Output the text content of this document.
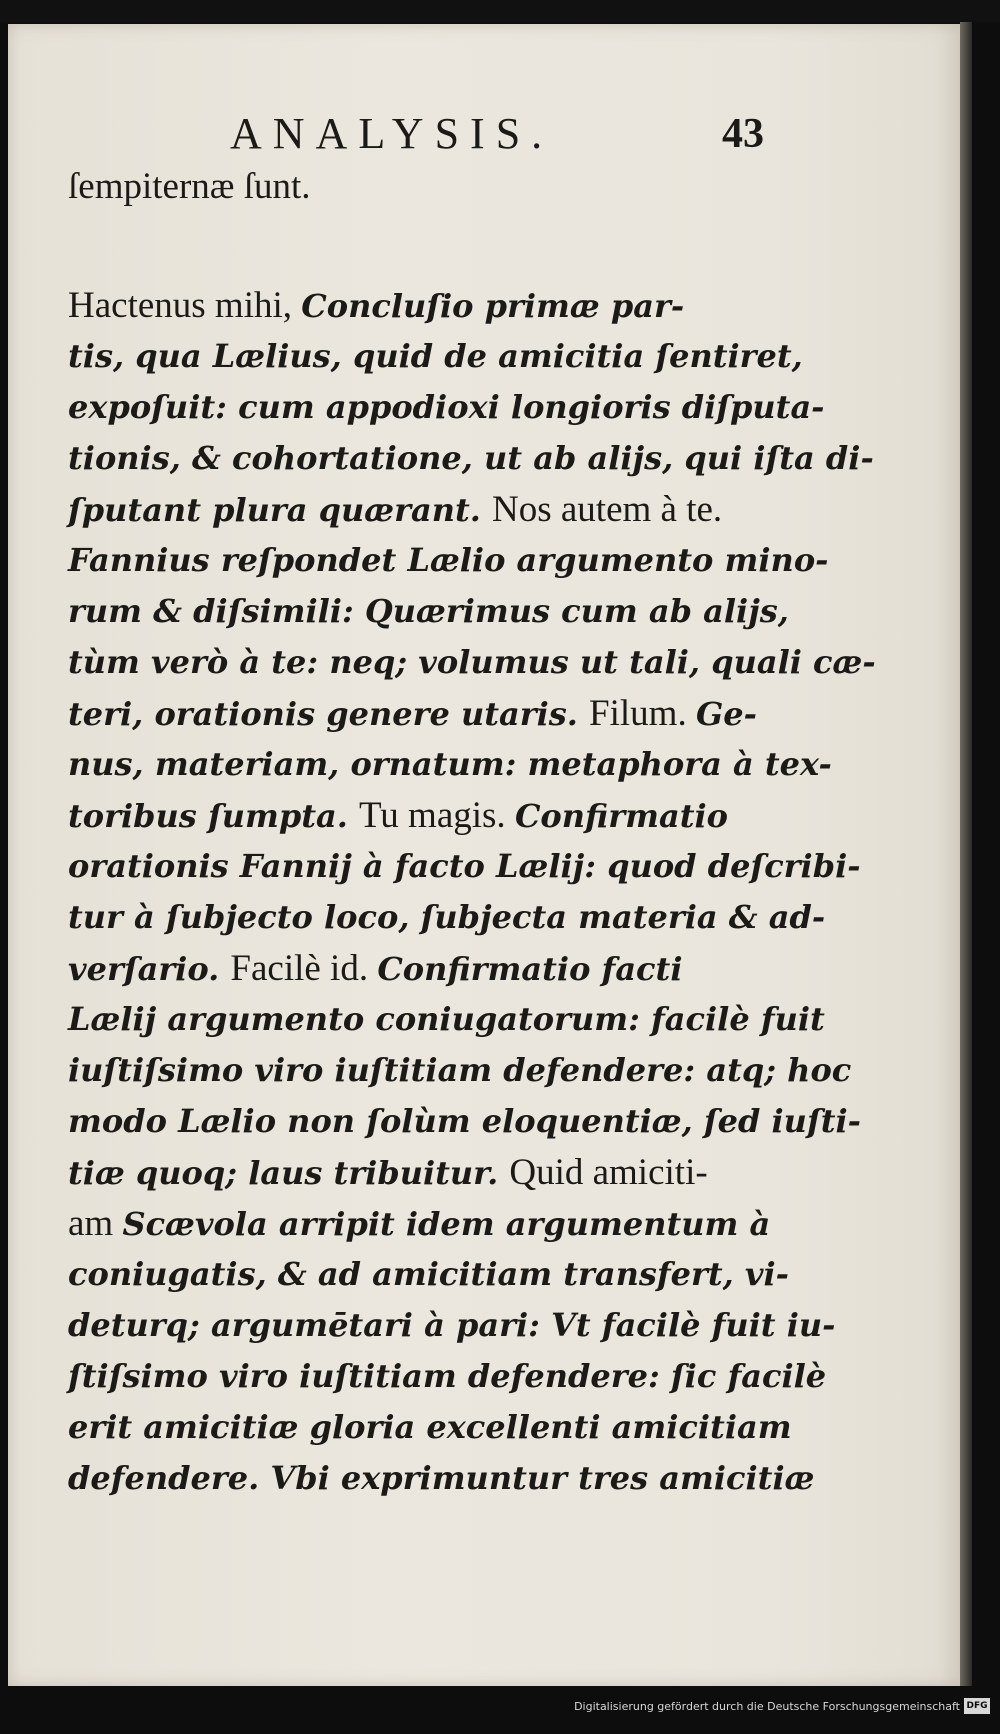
ANALYSIS.	43
ſempiternæ ſunt.
Hactenus mihi, Concluſio primæ par-
tis, qua Lælius, quid de amicitia ſentiret,
expoſuit: cum appodioxi longioris diſputa-
tionis, & cohortatione, ut ab alijs, qui iſta di-
ſputant plura quærant. Nos autem à te.
Fannius reſpondet Lælio argumento mino-
rum & diſsimili: Quærimus cum ab alijs,
tùm verò à te: neq; volumus ut tali, quali cæ-
teri, orationis genere utaris. Filum. Ge-
nus, materiam, ornatum: metaphora à tex-
toribus ſumpta. Tu magis. Confirmatio
orationis Fannij à facto Lælij: quod deſcribi-
tur à ſubjecto loco, ſubjecta materia & ad-
verſario. Facilè id. Confirmatio facti
Lælij argumento coniugatorum: facilè fuit
iuſtiſsimo viro iuſtitiam defendere: atq; hoc
modo Lælio non ſolùm eloquentiæ, ſed iuſti-
tiæ quoq; laus tribuitur. Quid amiciti-
am Scævola arripit idem argumentum à
coniugatis, & ad amicitiam transfert, vi-
deturq; argumētari à pari: Vt facilè fuit iu-
ſtiſsimo viro iuſtitiam defendere: ſic facilè
erit amicitiæ gloria excellenti amicitiam
defendere. Vbi exprimuntur tres amicitiæ
Digitalisierung gefördert durch die Deutsche Forschungsgemeinschaft DFG
